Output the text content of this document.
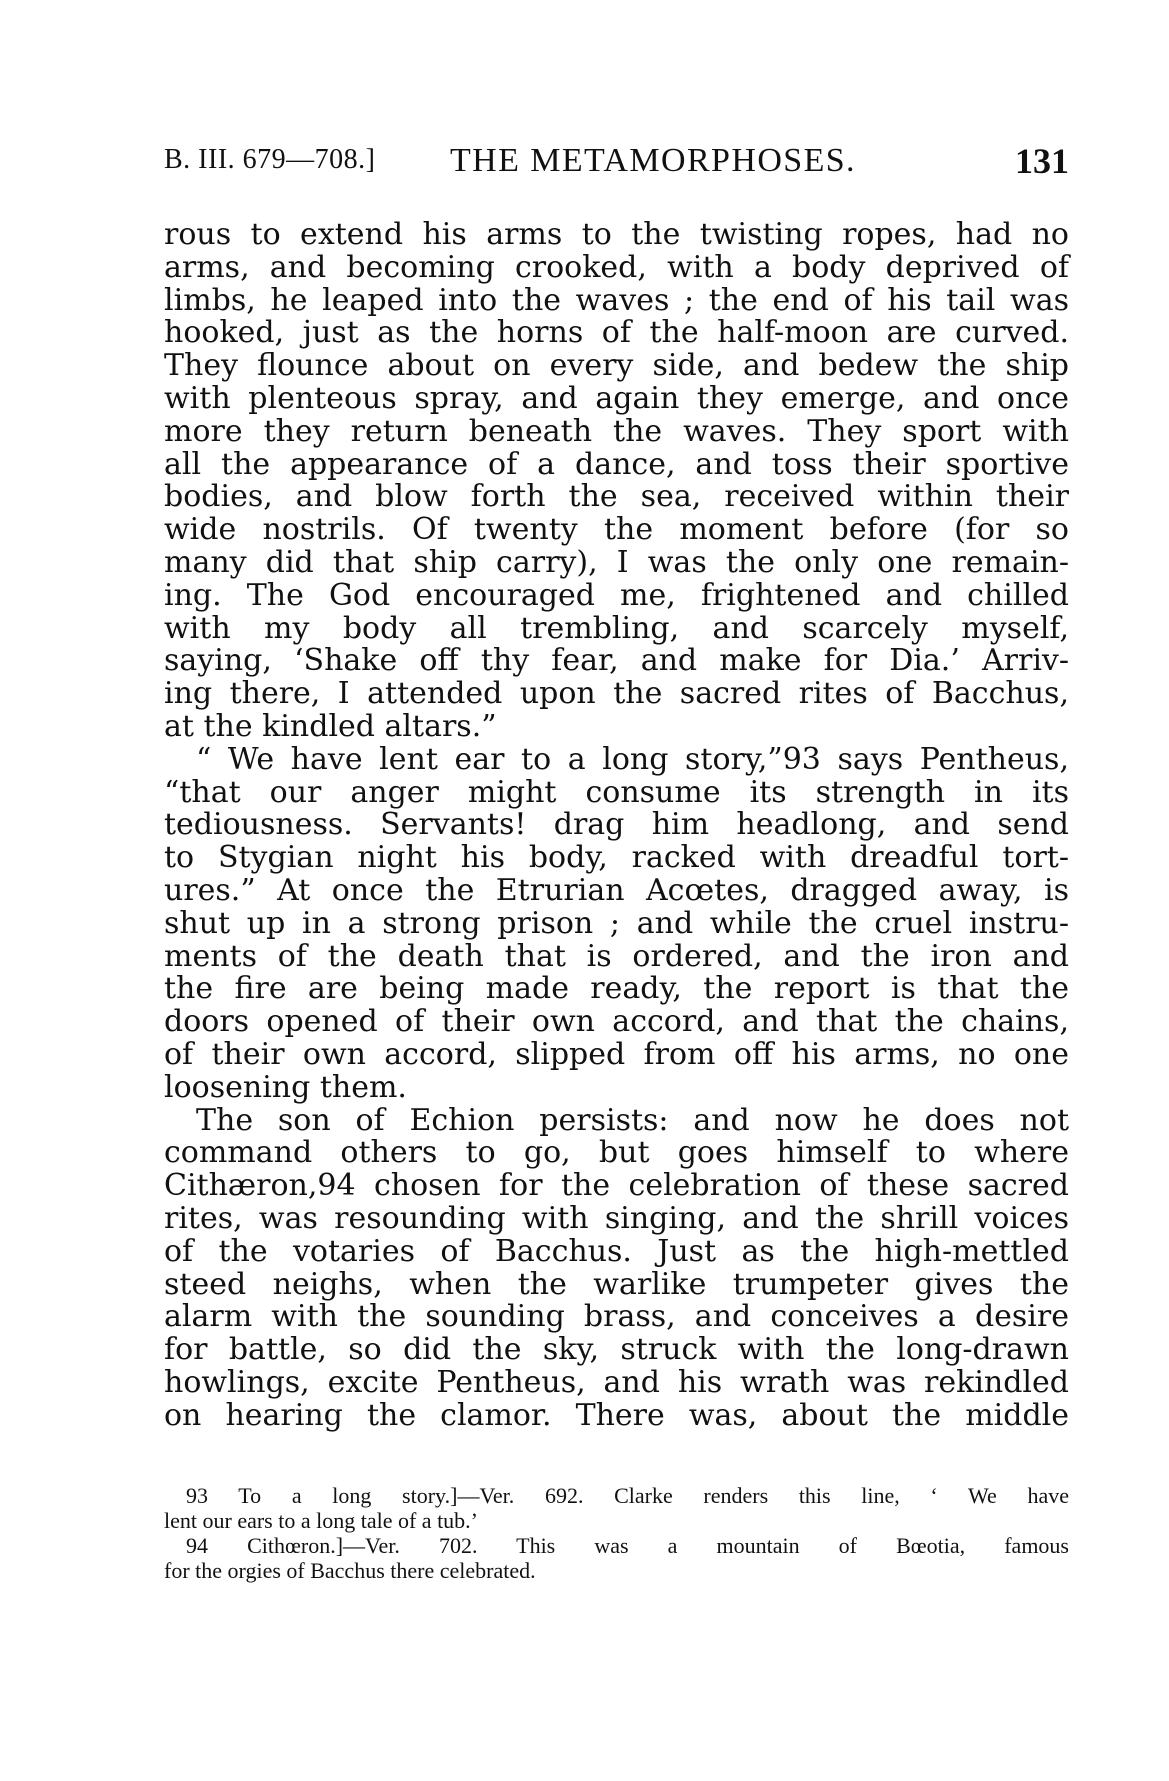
B. III. 679—708.] THE METAMORPHOSES.	131
rous to extend his arms to the twisting ropes, had no
arms, and becoming crooked, with a body deprived of
limbs, he leaped into the waves ; the end of his tail was
hooked, just as the horns of the half-moon are curved.
They flounce about on every side, and bedew the ship
with plenteous spray, and again they emerge, and once
more they return beneath the waves. They sport with
all the appearance of a dance, and toss their sportive
bodies, and blow forth the sea, received within their
wide nostrils. Of twenty the moment before (for so
many did that ship carry), I was the only one remain-
ing. The God encouraged me, frightened and chilled
with my body all trembling, and scarcely myself,
saying, ‘Shake off thy fear, and make for Dia.’ Arriv-
ing there, I attended upon the sacred rites of Bacchus,
at the kindled altars.”
“ We have lent ear to a long story,”93 says Pentheus,
“that our anger might consume its strength in its
tediousness. Servants! drag him headlong, and send
to Stygian night his body, racked with dreadful tort-
ures.” At once the Etrurian Acœtes, dragged away, is
shut up in a strong prison ; and while the cruel instru-
ments of the death that is ordered, and the iron and
the fire are being made ready, the report is that the
doors opened of their own accord, and that the chains,
of their own accord, slipped from off his arms, no one
loosening them.
The son of Echion persists: and now he does not
command others to go, but goes himself to where
Cithæron,94 chosen for the celebration of these sacred
rites, was resounding with singing, and the shrill voices
of the votaries of Bacchus. Just as the high-mettled
steed neighs, when the warlike trumpeter gives the
alarm with the sounding brass, and conceives a desire
for battle, so did the sky, struck with the long-drawn
howlings, excite Pentheus, and his wrath was rekindled
on hearing the clamor. There was, about the middle
93 To a long story.]—Ver. 692. Clarke renders this line, ‘ We have
lent our ears to a long tale of a tub.’
94 Cithœron.]—Ver. 702. This was a mountain of Bœotia, famous
for the orgies of Bacchus there celebrated.
